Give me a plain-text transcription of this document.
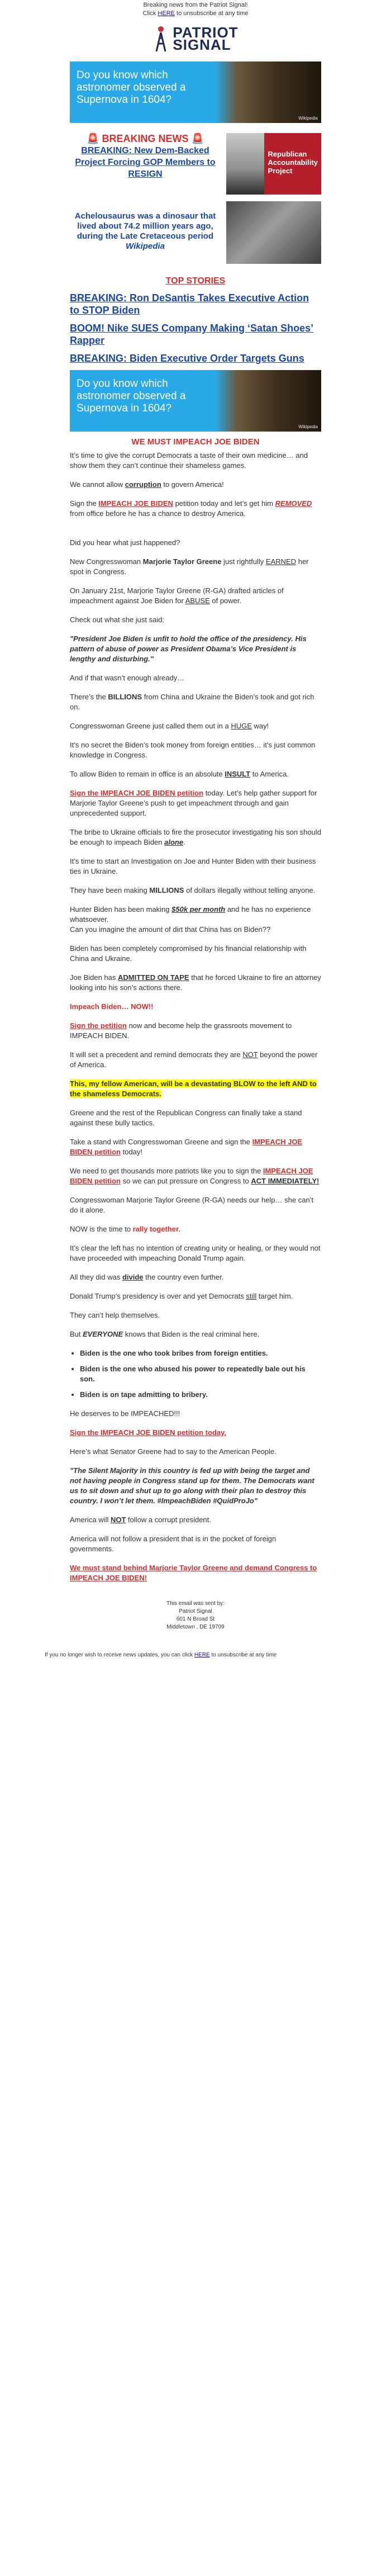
Breaking news from the Patriot Signal!
Click HERE to unsubscribe at any time
PATRIOT
SIGNAL
Do you know which astronomer observed a Supernova in 1604?
Wikipedia
🚨 BREAKING NEWS 🚨
BREAKING: New Dem-Backed Project Forcing GOP Members to RESIGN
Republican Accountability Project
Achelousaurus was a dinosaur that lived about 74.2 million years ago, during the Late Cretaceous period
Wikipedia
TOP STORIES
BREAKING: Ron DeSantis Takes Executive Action to STOP Biden
BOOM! Nike SUES Company Making ‘Satan Shoes’ Rapper
BREAKING: Biden Executive Order Targets Guns
Do you know which astronomer observed a Supernova in 1604?
Wikipedia
WE MUST IMPEACH JOE BIDEN

It’s time to give the corrupt Democrats a taste of their own medicine… and show them they can’t continue their shameless games.

We cannot allow corruption to govern America!

Sign the IMPEACH JOE BIDEN petition today and let’s get him REMOVED from office before he has a chance to destroy America.

Did you hear what just happened?

New Congresswoman Marjorie Taylor Greene just rightfully EARNED her spot in Congress.

On January 21st, Marjorie Taylor Greene (R-GA) drafted articles of impeachment against Joe Biden for ABUSE of power.

Check out what she just said:

"President Joe Biden is unfit to hold the office of the presidency. His pattern of abuse of power as President Obama’s Vice President is lengthy and disturbing."

And if that wasn’t enough already…

There’s the BILLIONS from China and Ukraine the Biden’s took and got rich on.

Congresswoman Greene just called them out in a HUGE way!

It’s no secret the Biden’s took money from foreign entities… it’s just common knowledge in Congress.

To allow Biden to remain in office is an absolute INSULT to America.

Sign the IMPEACH JOE BIDEN petition today. Let’s help gather support for Marjorie Taylor Greene’s push to get impeachment through and gain unprecedented support.

The bribe to Ukraine officials to fire the prosecutor investigating his son should be enough to impeach Biden alone.

It’s time to start an Investigation on Joe and Hunter Biden with their business ties in Ukraine.

They have been making MILLIONS of dollars illegally without telling anyone.

Hunter Biden has been making $50k per month and he has no experience whatsoever.
Can you imagine the amount of dirt that China has on Biden??

Biden has been completely compromised by his financial relationship with China and Ukraine.

Joe Biden has ADMITTED ON TAPE that he forced Ukraine to fire an attorney looking into his son’s actions there.

Impeach Biden… NOW!!

Sign the petition now and become help the grassroots movement to IMPEACH BIDEN.

It will set a precedent and remind democrats they are NOT beyond the power of America.

This, my fellow American, will be a devastating BLOW to the left AND to the shameless Democrats.

Greene and the rest of the Republican Congress can finally take a stand against these bully tactics.

Take a stand with Congresswoman Greene and sign the IMPEACH JOE BIDEN petition today!

We need to get thousands more patriots like you to sign the IMPEACH JOE BIDEN petition so we can put pressure on Congress to ACT IMMEDIATELY!

Congresswoman Marjorie Taylor Greene (R-GA) needs our help… she can’t do it alone.

NOW is the time to rally together.

It’s clear the left has no intention of creating unity or healing, or they would not have proceeded with impeaching Donald Trump again.

All they did was divide the country even further.

Donald Trump’s presidency is over and yet Democrats still target him.

They can’t help themselves.

But EVERYONE knows that Biden is the real criminal here.

• Biden is the one who took bribes from foreign entities.
• Biden is the one who abused his power to repeatedly bale out his son.
• Biden is on tape admitting to bribery.

He deserves to be IMPEACHED!!!

Sign the IMPEACH JOE BIDEN petition today.

Here’s what Senator Greene had to say to the American People.

"The Silent Majority in this country is fed up with being the target and not having people in Congress stand up for them. The Democrats want us to sit down and shut up to go along with their plan to destroy this country. I won’t let them. #ImpeachBiden #QuidProJo"

America will NOT follow a corrupt president.

America will not follow a president that is in the pocket of foreign governments.

We must stand behind Marjorie Taylor Greene and demand Congress to IMPEACH JOE BIDEN!

This email was sent by:
Patriot Signal
601 N Broad St
Middletown , DE 19709
If you no longer wish to receive news updates, you can click HERE to unsubscribe at any time
